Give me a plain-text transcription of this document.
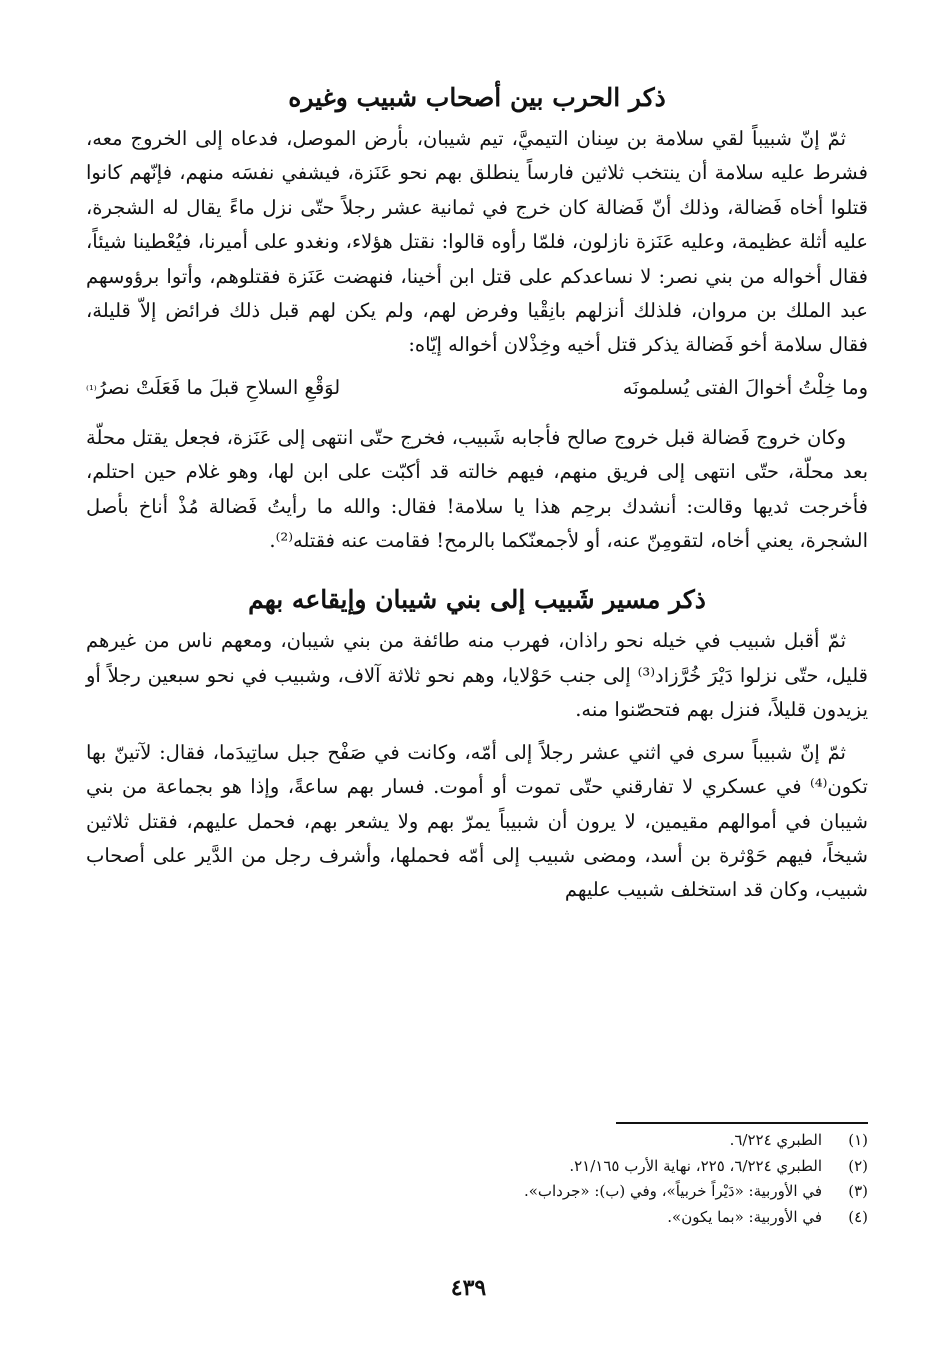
ذكر الحرب بين أصحاب شبيب وغيره

ثمّ إنّ شبيباً لقي سلامة بن سِنان التيميَّ، تيم شيبان، بأرض الموصل، فدعاه إلى الخروج معه، فشرط عليه سلامة أن ينتخب ثلاثين فارساً ينطلق بهم نحو عَنَزة، فيشفي نفسَه منهم، فإنّهم كانوا قتلوا أخاه فَضالة، وذلك أنّ فَضالة كان خرج في ثمانية عشر رجلاً حتّى نزل ماءً يقال له الشجرة، عليه أثلة عظيمة، وعليه عَنَزة نازلون، فلمّا رأوه قالوا: نقتل هؤلاء، ونغدو على أميرنا، فيُعْطينا شيئاً، فقال أخواله من بني نصر: لا نساعدكم على قتل ابن أخينا، فنهضت عَنَزة فقتلوهم، وأتوا برؤوسهم عبد الملك بن مروان، فلذلك أنزلهم بانِقْيا وفرض لهم، ولم يكن لهم قبل ذلك فرائض إلاّ قليلة، فقال سلامة أخو فَضالة يذكر قتل أخيه وخِذْلان أخواله إيّاه:

وما خِلْتُ أخوالَ الفتى يُسلمونَه
لوَقْعِ السلاحِ قبلَ ما فَعَلَتْ نصرُ⁽¹⁾

وكان خروج فَضالة قبل خروج صالح فأجابه شَبيب، فخرج حتّى انتهى إلى عَنَزة، فجعل يقتل محلّة بعد محلّة، حتّى انتهى إلى فريق منهم، فيهم خالته قد أكبّت على ابن لها، وهو غلام حين احتلم، فأخرجت ثديها وقالت: أنشدك برحِم هذا يا سلامة! فقال: والله ما رأيتُ فَضالة مُذْ أناخ بأصل الشجرة، يعني أخاه، لتقومِنّ عنه، أو لأجمعنّكما بالرمح! فقامت عنه فقتله⁽²⁾.

ذكر مسير شَبيب إلى بني شيبان وإيقاعه بهم

ثمّ أقبل شبيب في خيله نحو راذان، فهرب منه طائفة من بني شيبان، ومعهم ناس من غيرهم قليل، حتّى نزلوا دَيْرَ خُرَّزاد⁽³⁾ إلى جنب حَوْلايا، وهم نحو ثلاثة آلاف، وشبيب في نحو سبعين رجلاً أو يزيدون قليلاً، فنزل بهم فتحصّنوا منه.

ثمّ إنّ شبيباً سرى في اثني عشر رجلاً إلى أمّه، وكانت في صَفْح جبل ساتِيدَما، فقال: لآتينّ بها تكون⁽⁴⁾ في عسكري لا تفارقني حتّى تموت أو أموت. فسار بهم ساعةً، وإذا هو بجماعة من بني شيبان في أموالهم مقيمين، لا يرون أن شبيباً يمرّ بهم ولا يشعر بهم، فحمل عليهم، فقتل ثلاثين شيخاً، فيهم حَوْثرة بن أسد، ومضى شبيب إلى أمّه فحملها، وأشرف رجل من الدَّير على أصحاب شبيب، وكان قد استخلف شبيب عليهم

(١)
الطبري ٦/٢٢٤.
(٢)
الطبري ٦/٢٢٤، ٢٢٥، نهاية الأرب ٢١/١٦٥.
(٣)
في الأوربية: «دَيْراً خربياً»، وفي (ب): «جرداب».
(٤)
في الأوربية: «بما يكون».
٤٣٩
